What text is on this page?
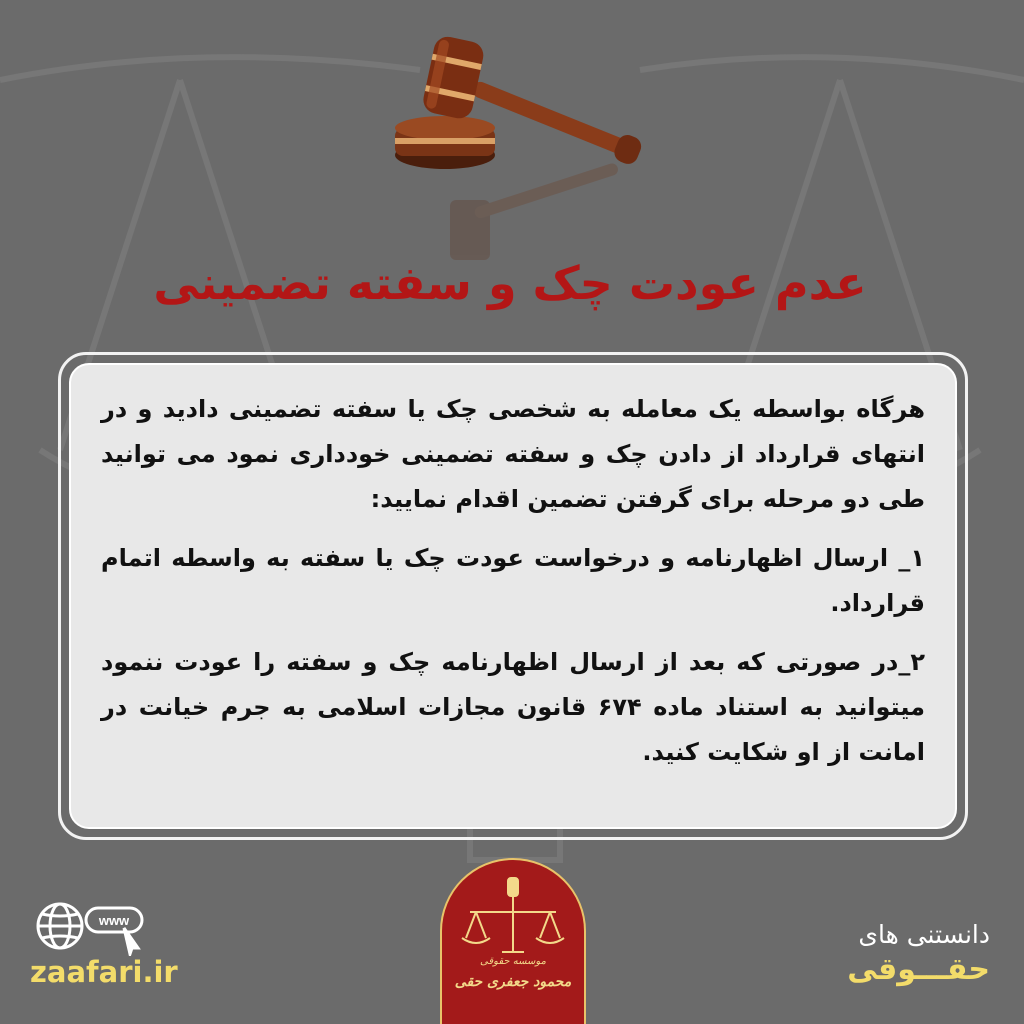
عدم عودت چک و سفته تضمینی

هرگاه بواسطه یک معامله به شخصی چک یا سفته تضمینی دادید و در انتهای قرارداد از دادن چک و سفته تضمینی خودداری نمود می توانید طی دو مرحله برای گرفتن تضمین اقدام نمایید:

۱_ ارسال اظهارنامه و درخواست عودت چک یا سفته به واسطه اتمام قرارداد.

۲_در صورتی که بعد از ارسال اظهارنامه چک و سفته را عودت ننمود میتوانید به استناد ماده ۶۷۴ قانون مجازات اسلامی به جرم خیانت در امانت از او شکایت کنید.

موسسه حقوقی
محمود جعفری حقی
www
zaafari.ir
دانستنی های
حقـــوقی
